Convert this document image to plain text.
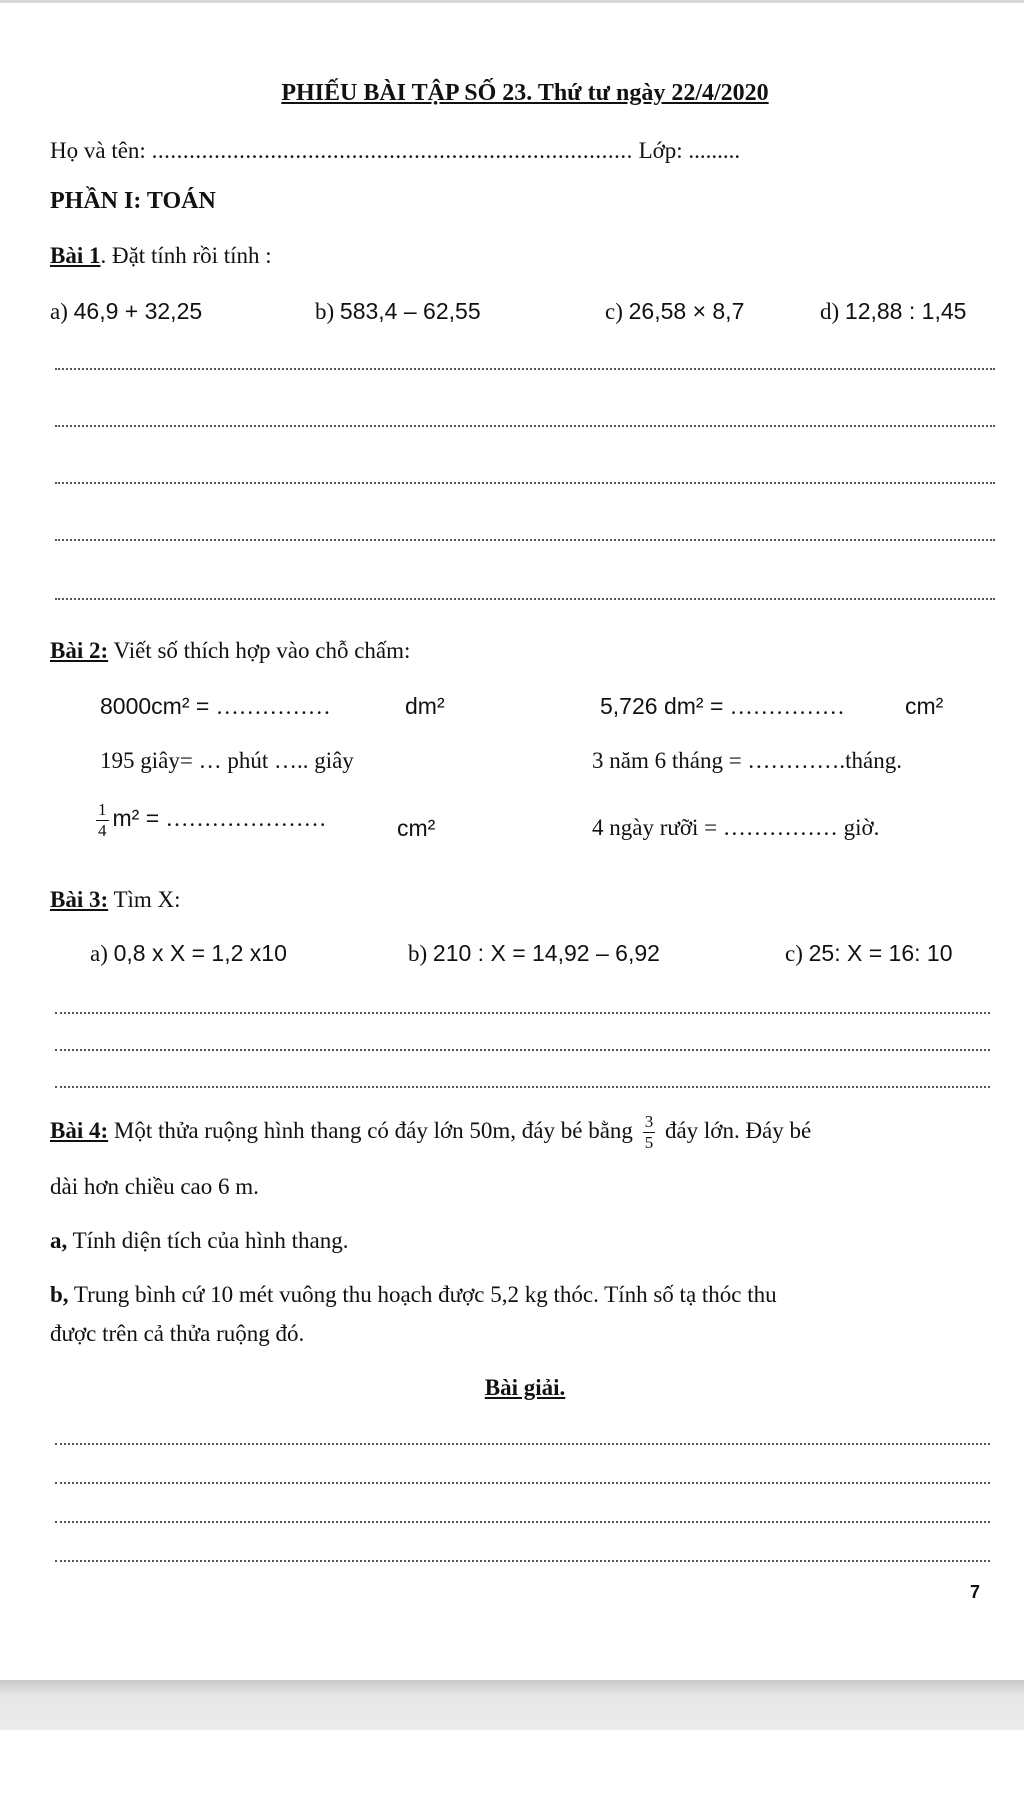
PHIẾU BÀI TẬP SỐ 23. Thứ tư ngày 22/4/2020
Họ và tên: ............................................................................. Lớp: .........
PHẦN I: TOÁN
Bài 1. Đặt tính rồi tính :
a) 46,9 + 32,25	b) 583,4 – 62,55	c) 26,58 × 8,7	d) 12,88 : 1,45
Bài 2: Viết số thích hợp vào chỗ chấm:
8000cm² = ……………	dm²	5,726 dm² = ……………	cm²
195 giây= … phút ….. giây	3 năm 6 tháng = ………….tháng.
$\frac{1}{4} m^2$ = …………………	cm²	4 ngày rưỡi = …………… giờ.
Bài 3: Tìm X:
a) 0,8 x X = 1,2 x10	b) 210 : X = 14,92 – 6,92	c) 25: X = 16: 10
Bài 4: Một thửa ruộng hình thang có đáy lớn 50m, đáy bé bằng $\frac{3}{5}$ đáy lớn. Đáy bé
dài hơn chiều cao 6 m.
a, Tính diện tích của hình thang.
b, Trung bình cứ 10 mét vuông thu hoạch được 5,2 kg thóc. Tính số tạ thóc thu
được trên cả thửa ruộng đó.
Bài giải.
7
